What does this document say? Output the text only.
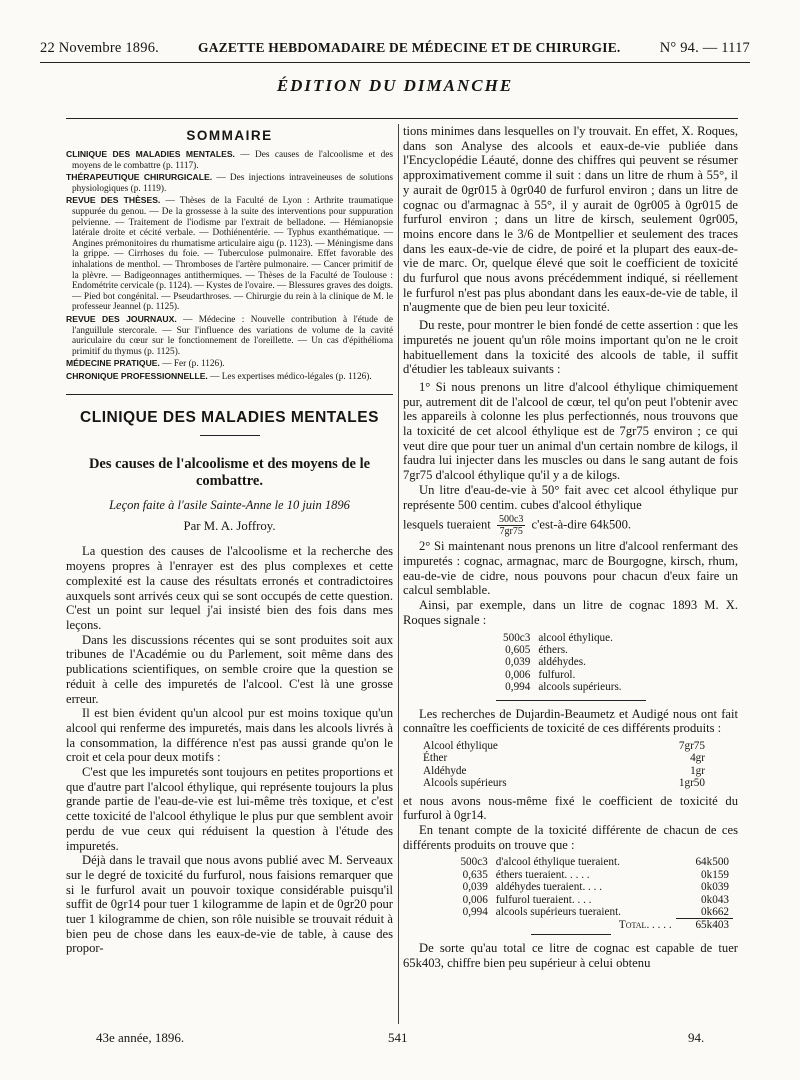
22 Novembre 1896.	GAZETTE HEBDOMADAIRE DE MÉDECINE ET DE CHIRURGIE.	N° 94. — 1117
ÉDITION DU DIMANCHE
SOMMAIRE

CLINIQUE DES MALADIES MENTALES. — Des causes de l'alcoolisme et des moyens de le combattre (p. 1117).

THÉRAPEUTIQUE CHIRURGICALE. — Des injections intraveineuses de solutions physiologiques (p. 1119).

REVUE DES THÈSES. — Thèses de la Faculté de Lyon : Arthrite traumatique suppurée du genou. — De la grossesse à la suite des interventions pour suppuration pelvienne. — Traitement de l'iodisme par l'extrait de belladone. — Hémianopsie latérale droite et cécité verbale. — Dothiénentérie. — Typhus exanthématique. — Angines prémonitoires du rhumatisme articulaire aigu (p. 1123). — Méningisme dans la grippe. — Cirrhoses du foie. — Tuberculose pulmonaire. Effet favorable des inhalations de menthol. — Thromboses de l'artère pulmonaire. — Cancer primitif de la plèvre. — Badigeonnages antithermiques. — Thèses de la Faculté de Toulouse : Endométrite cervicale (p. 1124). — Kystes de l'ovaire. — Blessures graves des doigts. — Pied bot congénital. — Pseudarthroses. — Chirurgie du rein à la clinique de M. le professeur Jeannel (p. 1125).

REVUE DES JOURNAUX. — Médecine : Nouvelle contribution à l'étude de l'anguillule stercorale. — Sur l'influence des variations de volume de la cavité auriculaire du cœur sur le fonctionnement de l'oreillette. — Un cas d'épithélioma primitif du thymus (p. 1125).

MÉDECINE PRATIQUE. — Fer (p. 1126).

CHRONIQUE PROFESSIONNELLE. — Les expertises médico-légales (p. 1126).

CLINIQUE DES MALADIES MENTALES
Des causes de l'alcoolisme et des moyens de le combattre.
Leçon faite à l'asile Sainte-Anne le 10 juin 1896
Par M. A. Joffroy.

La question des causes de l'alcoolisme et la recherche des moyens propres à l'enrayer est des plus complexes et cette complexité est la cause des résultats erronés et contradictoires auxquels sont arrivés ceux qui se sont occupés de cette question. C'est un point sur lequel j'ai insisté bien des fois dans mes leçons.

Dans les discussions récentes qui se sont produites soit aux tribunes de l'Académie ou du Parlement, soit même dans des publications scientifiques, on semble croire que la question se réduit à celle des impuretés de l'alcool. C'est là une grosse erreur.

Il est bien évident qu'un alcool pur est moins toxique qu'un alcool qui renferme des impuretés, mais dans les alcools livrés à la consommation, la différence n'est pas aussi grande qu'on le croit et cela pour deux motifs :

C'est que les impuretés sont toujours en petites proportions et que d'autre part l'alcool éthylique, qui représente toujours la plus grande partie de l'eau-de-vie est lui-même très toxique, et c'est cette toxicité de l'alcool éthylique le plus pur que semblent avoir perdu de vue ceux qui réduisent la question à l'étude des impuretés.

Déjà dans le travail que nous avons publié avec M. Serveaux sur le degré de toxicité du furfurol, nous faisions remarquer que si le furfurol avait un pouvoir toxique considérable puisqu'il suffit de 0gr14 pour tuer 1 kilogramme de lapin et de 0gr20 pour tuer 1 kilogramme de chien, son rôle nuisible se trouvait réduit à bien peu de chose dans les eaux-de-vie de table, à cause des propor-

tions minimes dans lesquelles on l'y trouvait. En effet, X. Roques, dans son Analyse des alcools et eaux-de-vie publiée dans l'Encyclopédie Léauté, donne des chiffres qui peuvent se résumer approximativement comme il suit : dans un litre de rhum à 55°, il y aurait de 0gr015 à 0gr040 de furfurol environ ; dans un litre de cognac ou d'armagnac à 55°, il y aurait de 0gr005 à 0gr015 de furfurol environ ; dans un litre de kirsch, seulement 0gr005, moins encore dans le 3/6 de Montpellier et seulement des traces dans les eaux-de-vie de cidre, de poiré et la plupart des eaux-de-vie de marc. Or, quelque élevé que soit le coefficient de toxicité du furfurol que nous avons précédemment indiqué, si réellement le furfurol n'est pas plus abondant dans les eaux-de-vie de table, il n'augmente que de bien peu leur toxicité.

Du reste, pour montrer le bien fondé de cette assertion : que les impuretés ne jouent qu'un rôle moins important qu'on ne le croit habituellement dans la toxicité des alcools de table, il suffit d'étudier les tableaux suivants :

1° Si nous prenons un litre d'alcool éthylique chimiquement pur, autrement dit de l'alcool de cœur, tel qu'on peut l'obtenir avec les appareils à colonne les plus perfectionnés, nous trouvons que la toxicité de cet alcool éthylique est de 7gr75 environ ; ce qui veut dire que pour tuer un animal d'un certain nombre de kilogs, il faudra lui injecter dans les muscles ou dans le sang autant de fois 7gr75 d'alcool éthylique qu'il y a de kilogs.

Un litre d'eau-de-vie à 50° fait avec cet alcool éthylique pur représente 500 centim. cubes d'alcool éthylique

lesquels tueraient $\frac{500c3}{7gr75}$ c'est-à-dire 64k500.

2° Si maintenant nous prenons un litre d'alcool renfermant des impuretés : cognac, armagnac, marc de Bourgogne, kirsch, rhum, eau-de-vie de cidre, nous pouvons pour chacun d'eux faire un calcul semblable.

Ainsi, par exemple, dans un litre de cognac 1893 M. X. Roques signale :

500c3	alcool éthylique.
0,605	éthers.
0,039	aldéhydes.
0,006	fulfurol.
0,994	alcools supérieurs.

Les recherches de Dujardin-Beaumetz et Audigé nous ont fait connaître les coefficients de toxicité de ces différents produits :

Alcool éthylique	7gr75
Éther	4gr
Aldéhyde	1gr
Alcools supérieurs	1gr50

et nous avons nous-même fixé le coefficient de toxicité du furfurol à 0gr14.

En tenant compte de la toxicité différente de chacun de ces différents produits on trouve que :

500c3	d'alcool éthylique tueraient.	64k500
0,635	éthers tueraient. . . . .	0k159
0,039	aldéhydes tueraient. . . .	0k039
0,006	fulfurol tueraient. . . .	0k043
0,994	alcools supérieurs tueraient.	0k662
	Total. . . . .	65k403

De sorte qu'au total ce litre de cognac est capable de tuer 65k403, chiffre bien peu supérieur à celui obtenu

43e année, 1896.	541	94.
